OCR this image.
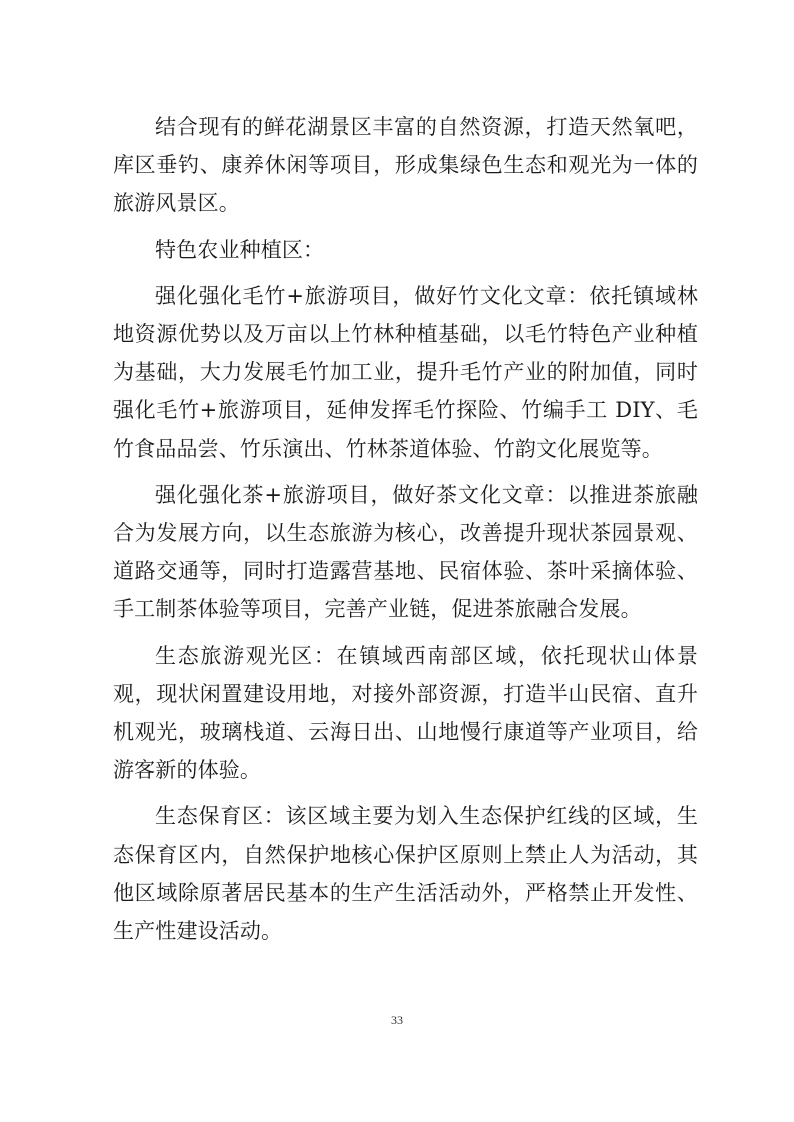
结合现有的鲜花湖景区丰富的自然资源，打造天然氧吧，库区垂钓、康养休闲等项目，形成集绿色生态和观光为一体的旅游风景区。

特色农业种植区：

强化强化毛竹+旅游项目，做好竹文化文章：依托镇域林地资源优势以及万亩以上竹林种植基础，以毛竹特色产业种植为基础，大力发展毛竹加工业，提升毛竹产业的附加值，同时强化毛竹+旅游项目，延伸发挥毛竹探险、竹编手工 DIY、毛竹食品品尝、竹乐演出、竹林茶道体验、竹韵文化展览等。

强化强化茶+旅游项目，做好茶文化文章：以推进茶旅融合为发展方向，以生态旅游为核心，改善提升现状茶园景观、道路交通等，同时打造露营基地、民宿体验、茶叶采摘体验、手工制茶体验等项目，完善产业链，促进茶旅融合发展。

生态旅游观光区：在镇域西南部区域，依托现状山体景观，现状闲置建设用地，对接外部资源，打造半山民宿、直升机观光，玻璃栈道、云海日出、山地慢行康道等产业项目，给游客新的体验。

生态保育区：该区域主要为划入生态保护红线的区域，生态保育区内，自然保护地核心保护区原则上禁止人为活动，其他区域除原著居民基本的生产生活活动外，严格禁止开发性、生产性建设活动。

33
